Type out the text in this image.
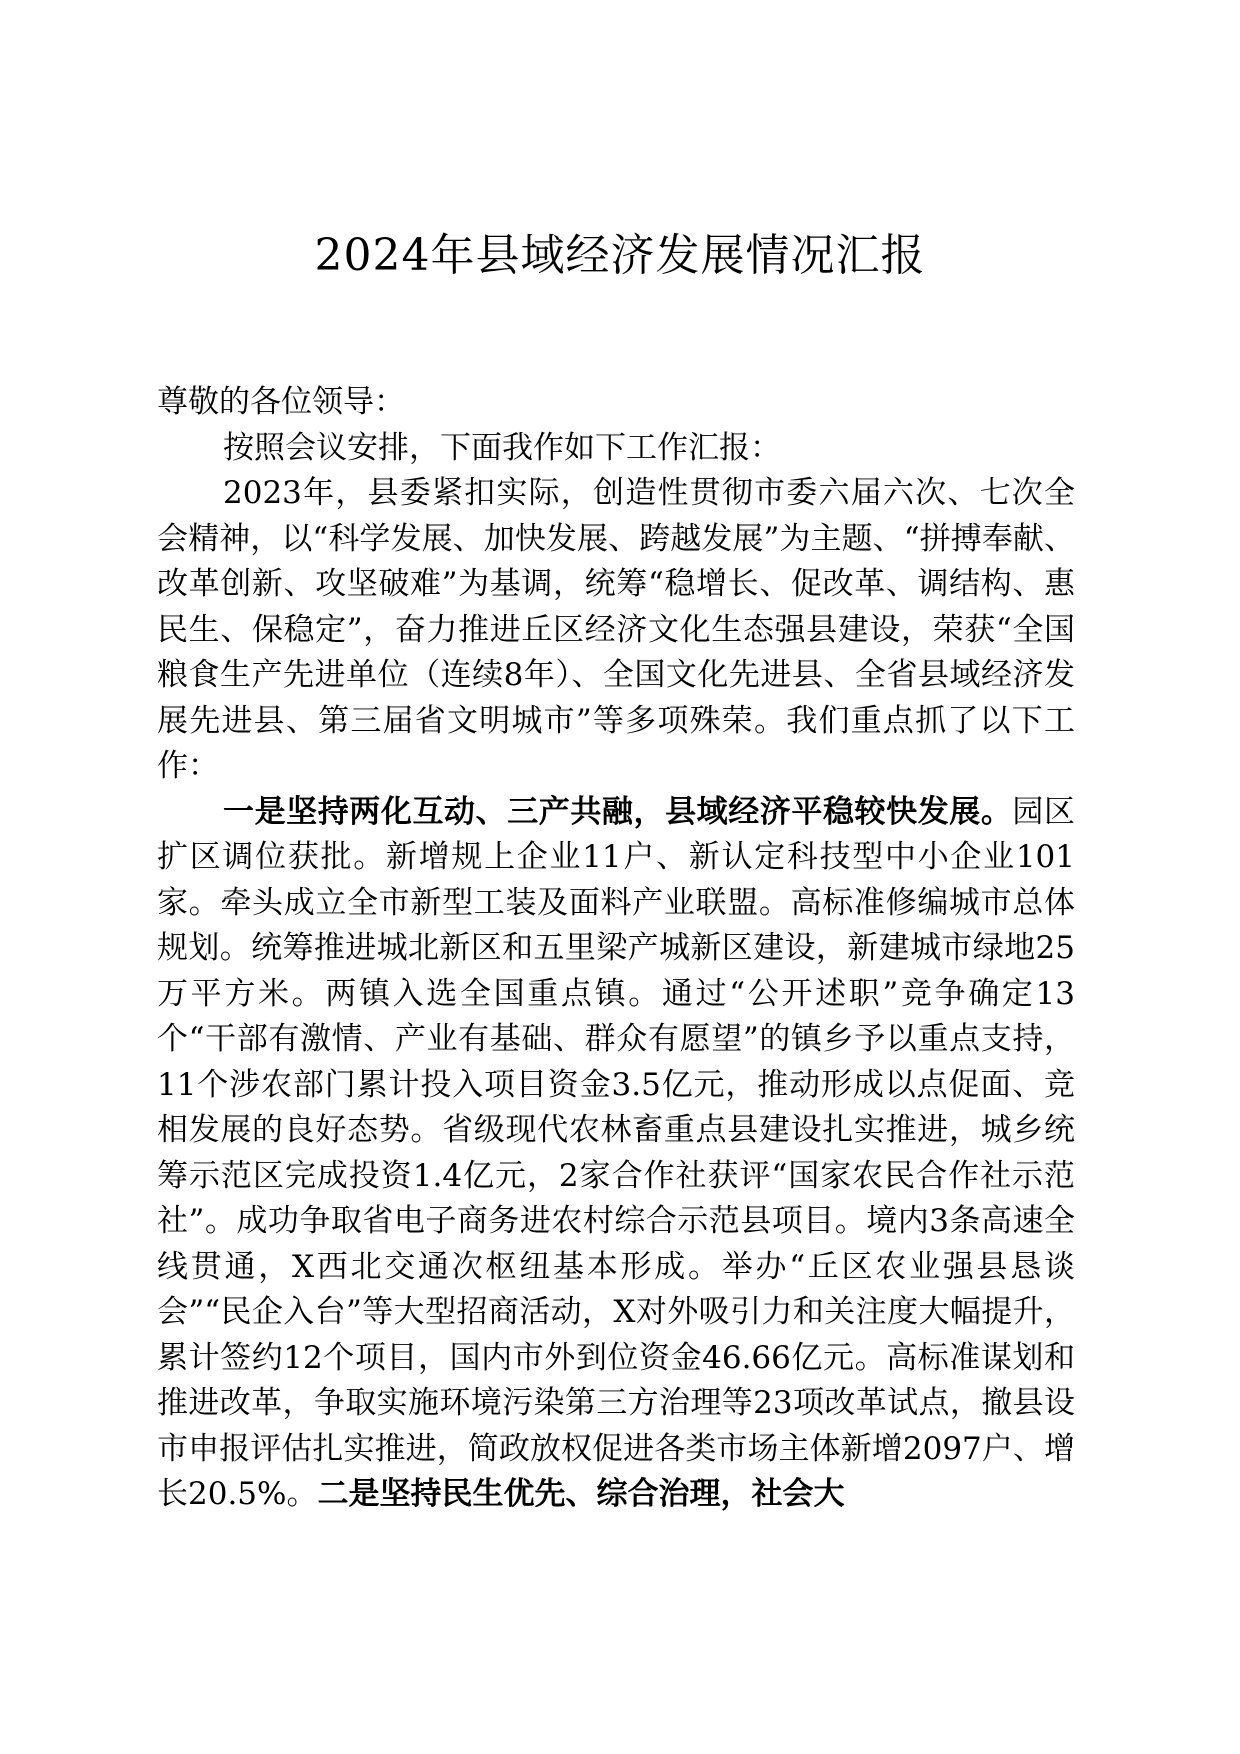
2024年县域经济发展情况汇报

尊敬的各位领导：

按照会议安排，下面我作如下工作汇报：

2023年，县委紧扣实际，创造性贯彻市委六届六次、七次全会精神，以“科学发展、加快发展、跨越发展”为主题、“拼搏奉献、改革创新、攻坚破难”为基调，统筹“稳增长、促改革、调结构、惠民生、保稳定”，奋力推进丘区经济文化生态强县建设，荣获“全国粮食生产先进单位（连续8年）、全国文化先进县、全省县域经济发展先进县、第三届省文明城市”等多项殊荣。我们重点抓了以下工作：

一是坚持两化互动、三产共融，县域经济平稳较快发展。园区扩区调位获批。新增规上企业11户、新认定科技型中小企业101家。牵头成立全市新型工装及面料产业联盟。高标准修编城市总体规划。统筹推进城北新区和五里梁产城新区建设，新建城市绿地25万平方米。两镇入选全国重点镇。通过“公开述职”竞争确定13个“干部有激情、产业有基础、群众有愿望”的镇乡予以重点支持，11个涉农部门累计投入项目资金3.5亿元，推动形成以点促面、竞相发展的良好态势。省级现代农林畜重点县建设扎实推进，城乡统筹示范区完成投资1.4亿元，2家合作社获评“国家农民合作社示范社”。成功争取省电子商务进农村综合示范县项目。境内3条高速全线贯通，X西北交通次枢纽基本形成。举办“丘区农业强县恳谈会”“民企入台”等大型招商活动，X对外吸引力和关注度大幅提升，累计签约12个项目，国内市外到位资金46.66亿元。高标准谋划和推进改革，争取实施环境污染第三方治理等23项改革试点，撤县设市申报评估扎实推进，简政放权促进各类市场主体新增2097户、增长20.5%。二是坚持民生优先、综合治理，社会大
